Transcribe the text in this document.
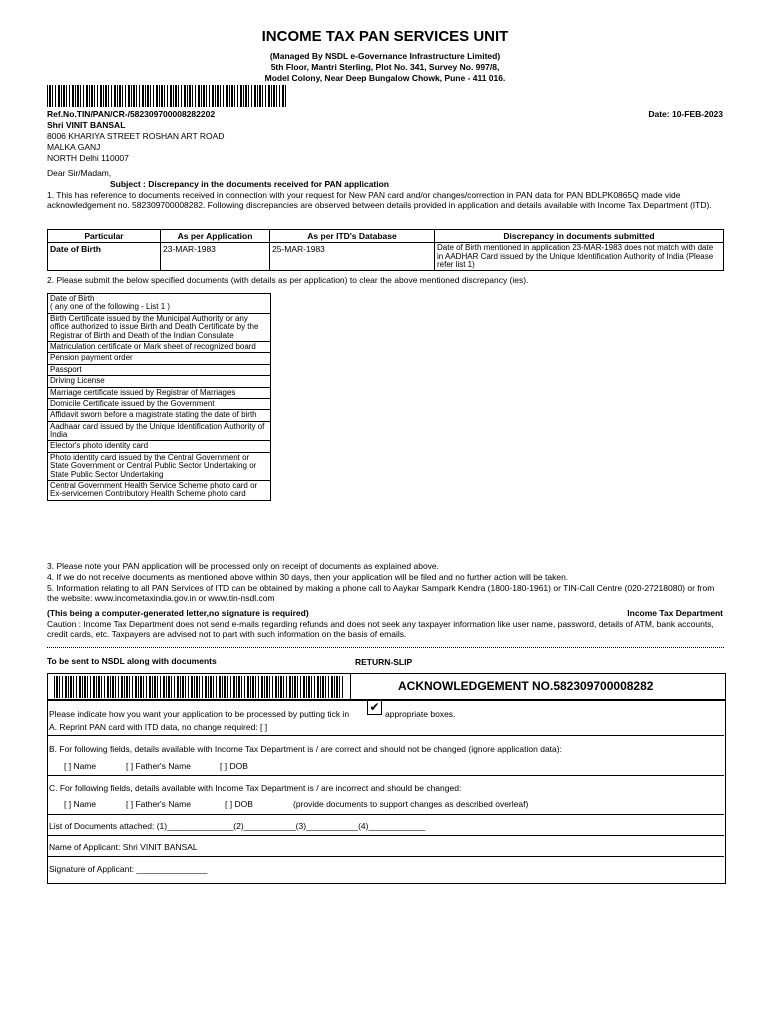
INCOME TAX PAN SERVICES UNIT
(Managed By NSDL e-Governance Infrastructure Limited)
5th Floor, Mantri Sterling, Plot No. 341, Survey No. 997/8,
Model Colony, Near Deep Bungalow Chowk, Pune - 411 016.
Ref.No.TIN/PAN/CR-/582309700008282202	Date: 10-FEB-2023
Shri VINIT BANSAL
8006 KHARIYA STREET ROSHAN ART ROAD
MALKA GANJ
NORTH Delhi 110007
Dear Sir/Madam,
Subject : Discrepancy in the documents received for PAN application
1. This has reference to documents received in connection with your request for New PAN card and/or changes/correction in PAN data for PAN BDLPK0865Q made vide acknowledgement no. 582309700008282. Following discrepancies are observed between details provided in application and details available with Income Tax Department (ITD).
Particular	As per Application	As per ITD's Database	Discrepancy in documents submitted
Date of Birth	23-MAR-1983	25-MAR-1983	Date of Birth mentioned in application 23-MAR-1983 does not match with date in AADHAR Card issued by the Unique Identification Authority of India (Please refer list 1)
2. Please submit the below specified documents (with details as per application) to clear the above mentioned discrepancy (ies).
Date of Birth
( any one of the following - List 1 )
Birth Certificate issued by the Municipal Authority or any office authorized to issue Birth and Death Certificate by the Registrar of Birth and Death of the Indian Consulate
Matriculation certificate or Mark sheet of recognized board
Pension payment order
Passport
Driving License
Marriage certificate issued by Registrar of Marriages
Domicile Certificate issued by the Government
Affidavit sworn before a magistrate stating the date of birth
Aadhaar card issued by the Unique Identification Authority of India
Elector's photo identity card
Photo identity card issued by the Central Government or State Government or Central Public Sector Undertaking or State Public Sector Undertaking
Central Government Health Service Scheme photo card or Ex-servicemen Contributory Health Scheme photo card
3. Please note your PAN application will be processed only on receipt of documents as explained above.
4. If we do not receive documents as mentioned above within 30 days, then your application will be filed and no further action will be taken.
5. Information relating to all PAN Services of ITD can be obtained by making a phone call to Aaykar Sampark Kendra (1800-180-1961) or TIN-Call Centre (020-27218080) or from the website: www.incometaxindia.gov.in or www.tin-nsdl.com
(This being a computer-generated letter,no signature is required)	Income Tax Department
Caution : Income Tax Department does not send e-mails regarding refunds and does not seek any taxpayer information like user name, password, details of ATM, bank accounts, credit cards, etc. Taxpayers are advised not to part with such information on the basis of emails.
To be sent to NSDL along with documents	RETURN-SLIP
ACKNOWLEDGEMENT NO.582309700008282
Please indicate how you want your application to be processed by putting tick in ✔ appropriate boxes.
A. Reprint PAN card with ITD data, no change required: [ ]
B. For following fields, details available with Income Tax Department is / are correct and should not be changed (ignore application data):
[ ] Name	[ ] Father's Name	[ ] DOB
C. For following fields, details available with Income Tax Department is / are incorrect and should be changed:
[ ] Name	[ ] Father's Name	[ ] DOB	(provide documents to support changes as described overleaf)
List of Documents attached: (1)______________(2)___________(3)___________(4)____________
Name of Applicant: Shri VINIT BANSAL
Signature of Applicant: _______________
